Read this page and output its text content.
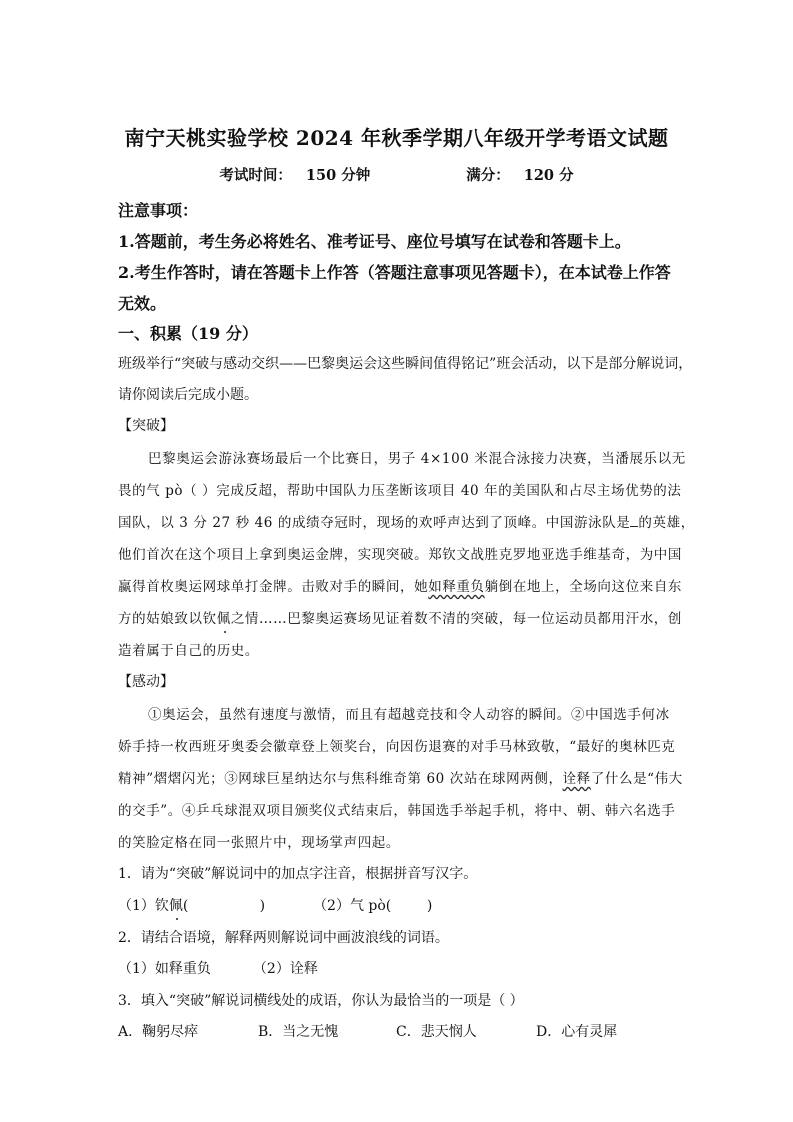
南宁天桃实验学校 2024 年秋季学期八年级开学考语文试题
考试时间： 150 分钟	满分： 120 分
注意事项：
1.答题前，考生务必将姓名、准考证号、座位号填写在试卷和答题卡上。
2.考生作答时，请在答题卡上作答（答题注意事项见答题卡），在本试卷上作答
无效。
一、积累（19 分）
班级举行“突破与感动交织——巴黎奥运会这些瞬间值得铭记”班会活动，以下是部分解说词，
请你阅读后完成小题。
【突破】
巴黎奥运会游泳赛场最后一个比赛日，男子 4×100 米混合泳接力决赛，当潘展乐以无
畏的气 pò（ ）完成反超，帮助中国队力压垄断该项目 40 年的美国队和占尽主场优势的法
国队，以 3 分 27 秒 46 的成绩夺冠时，现场的欢呼声达到了顶峰。中国游泳队是 的英雄，
他们首次在这个项目上拿到奥运金牌，实现突破。郑钦文战胜克罗地亚选手维基奇，为中国
赢得首枚奥运网球单打金牌。击败对手的瞬间，她如释重负躺倒在地上，全场向这位来自东
方的姑娘致以钦佩之情……巴黎奥运赛场见证着数不清的突破，每一位运动员都用汗水，创
造着属于自己的历史。
【感动】
①奥运会，虽然有速度与激情，而且有超越竞技和令人动容的瞬间。②中国选手何冰
娇手持一枚西班牙奥委会徽章登上领奖台，向因伤退赛的对手马林致敬，“最好的奥林匹克
精神”熠熠闪光；③网球巨星纳达尔与焦科维奇第 60 次站在球网两侧，诠释了什么是“伟大
的交手”。④乒乓球混双项目颁奖仪式结束后，韩国选手举起手机，将中、朝、韩六名选手
的笑脸定格在同一张照片中，现场掌声四起。
1．请为“突破”解说词中的加点字注音，根据拼音写汉字。
（1）钦佩(                )	（2）气 pò(        )
2．请结合语境，解释两则解说词中画波浪线的词语。
（1）如释重负	（2）诠释
3．填入“突破”解说词横线处的成语，你认为最恰当的一项是（ ）
A．鞠躬尽瘁	B．当之无愧	C．悲天悯人	D．心有灵犀
